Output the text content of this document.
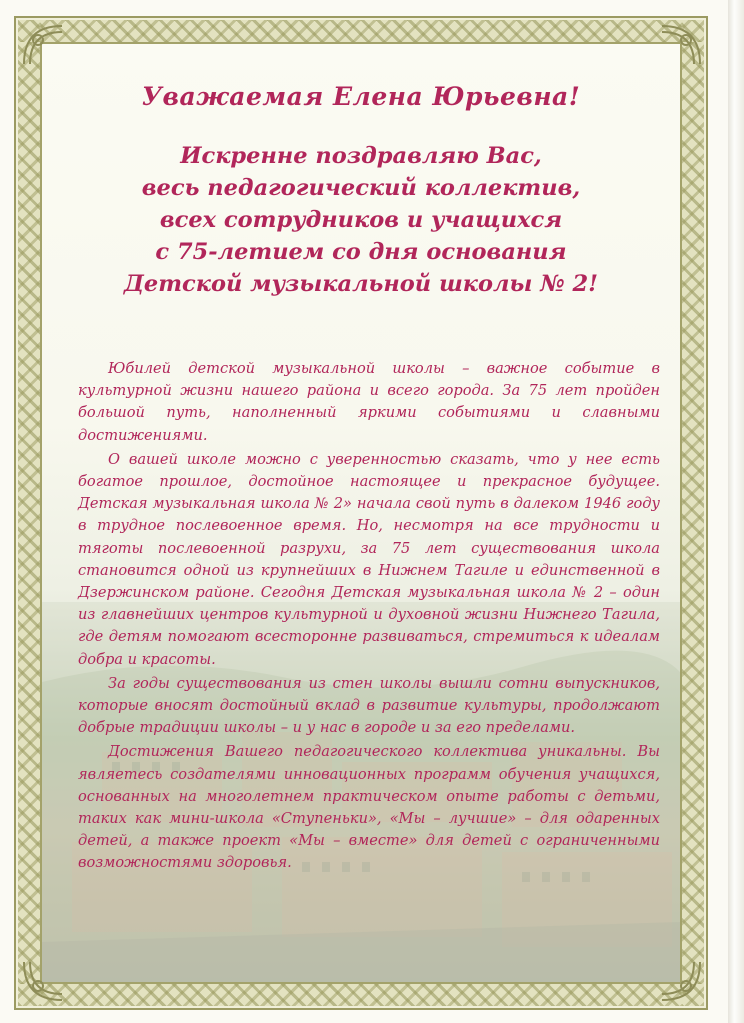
Уважаемая Елена Юрьевна!
Искренне поздравляю Вас,
весь педагогический коллектив,
всех сотрудников и учащихся
с 75-летием со дня основания
Детской музыкальной школы № 2!

Юбилей детской музыкальной школы – важное событие в культурной жизни нашего района и всего города. За 75 лет пройден большой путь, наполненный яркими событиями и славными достижениями.

О вашей школе можно с уверенностью сказать, что у нее есть богатое прошлое, достойное настоящее и прекрасное будущее. Детская музыкальная школа № 2» начала свой путь в далеком 1946 году в трудное послевоенное время. Но, несмотря на все трудности и тяготы послевоенной разрухи, за 75 лет существования школа становится одной из крупнейших в Нижнем Тагиле и единственной в Дзержинском районе. Сегодня Детская музыкальная школа № 2 – один из главнейших центров культурной и духовной жизни Нижнего Тагила, где детям помогают всесторонне развиваться, стремиться к идеалам добра и красоты.

За годы существования из стен школы вышли сотни выпускников, которые вносят достойный вклад в развитие культуры, продолжают добрые традиции школы – и у нас в городе и за его пределами.

Достижения Вашего педагогического коллектива уникальны. Вы являетесь создателями инновационных программ обучения учащихся, основанных на многолетнем практическом опыте работы с детьми, таких как мини-школа «Ступеньки», «Мы – лучшие» – для одаренных детей, а также проект «Мы – вместе» для детей с ограниченными возможностями здоровья.
